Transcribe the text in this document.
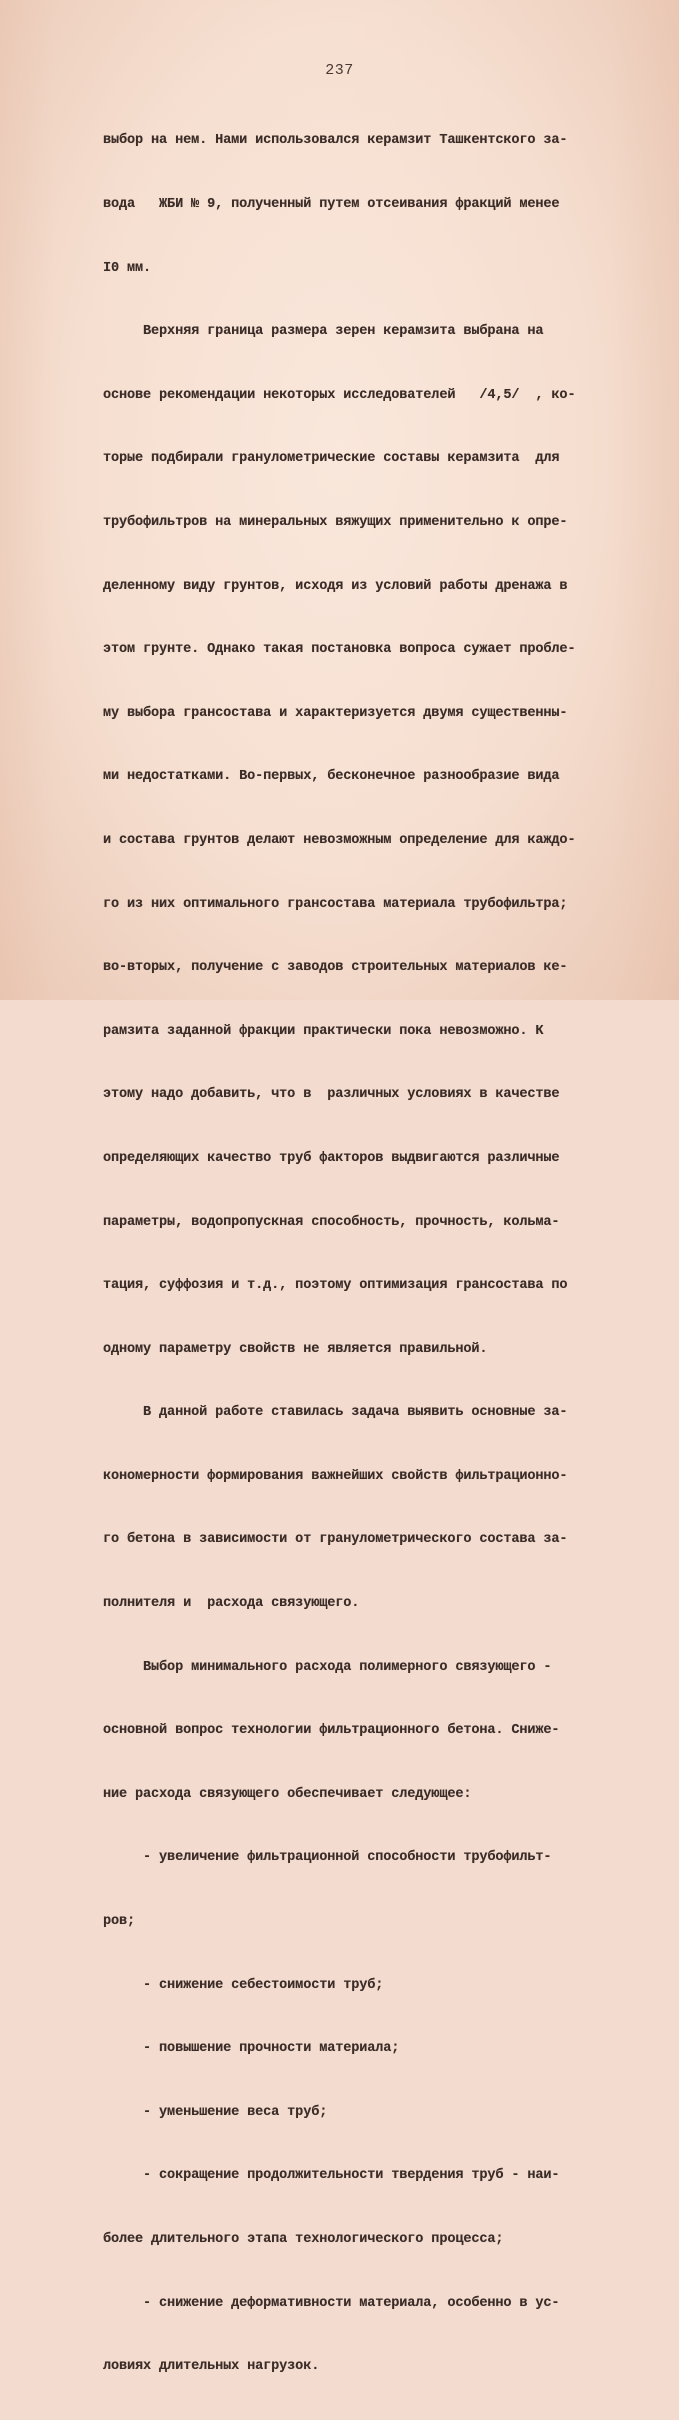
237

выбор на нем. Нами использовался керамзит Ташкентского за-

вода   ЖБИ № 9, полученный путем отсеивания фракций менее

I0 мм.

Верхняя граница размера зерен керамзита выбрана на

основе рекомендации некоторых исследователей   /4,5/  , ко-

торые подбирали гранулометрические составы керамзита  для

трубофильтров на минеральных вяжущих применительно к опре-

деленному виду грунтов, исходя из условий работы дренажа в

этом грунте. Однако такая постановка вопроса сужает пробле-

му выбора грансостава и характеризуется двумя существенны-

ми недостатками. Во-первых, бесконечное разнообразие вида

и состава грунтов делают невозможным определение для каждо-

го из них оптимального грансостава материала трубофильтра;

во-вторых, получение с заводов строительных материалов ке-

рамзита заданной фракции практически пока невозможно. К

этому надо добавить, что в  различных условиях в качестве

определяющих качество труб факторов выдвигаются различные

параметры, водопропускная способность, прочность, кольма-

тация, суффозия и т.д., поэтому оптимизация грансостава по

одному параметру свойств не является правильной.

В данной работе ставилась задача выявить основные за-

кономерности формирования важнейших свойств фильтрационно-

го бетона в зависимости от гранулометрического состава за-

полнителя и  расхода связующего.

Выбор минимального расхода полимерного связующего -

основной вопрос технологии фильтрационного бетона. Сниже-

ние расхода связующего обеспечивает следующее:

- увеличение фильтрационной способности трубофильт-

ров;

- снижение себестоимости труб;

- повышение прочности материала;

- уменьшение веса труб;

- сокращение продолжительности твердения труб - наи-

более длительного этапа технологического процесса;

- снижение деформативности материала, особенно в ус-

ловиях длительных нагрузок.
